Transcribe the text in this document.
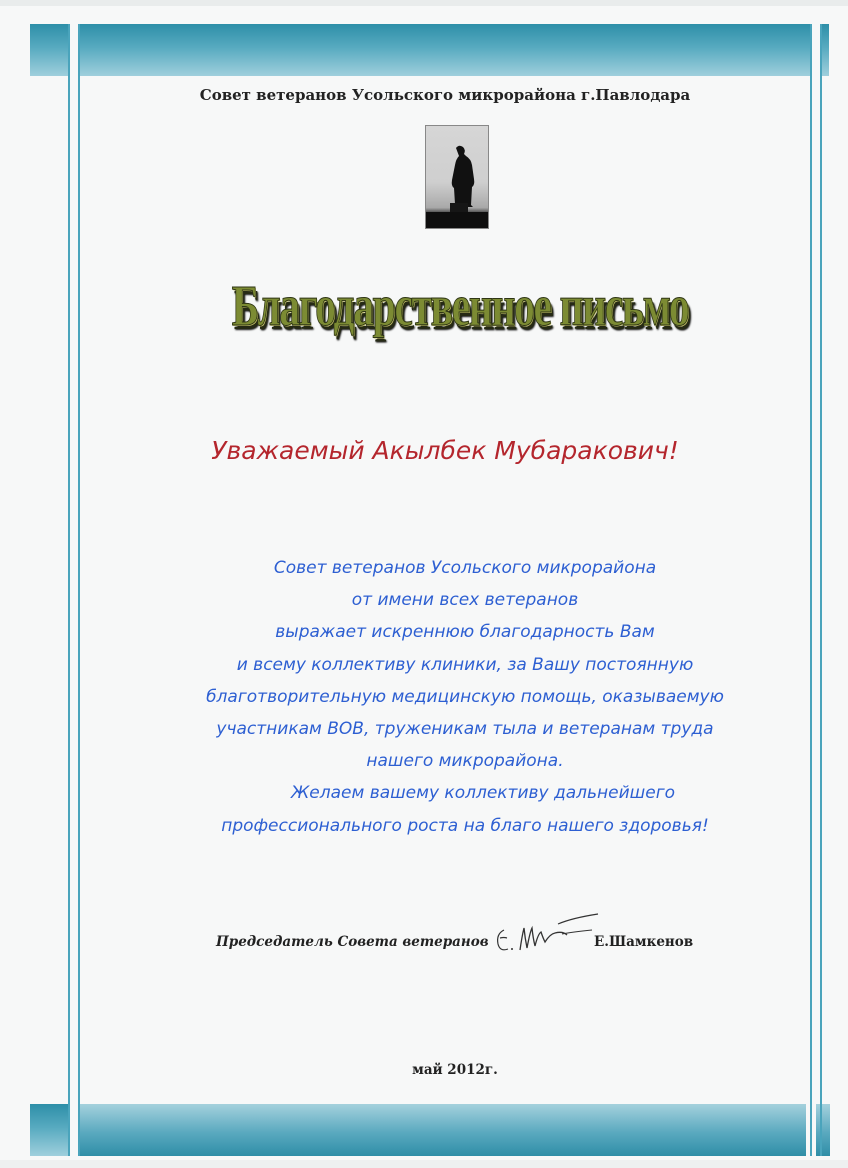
Совет ветеранов Усольского микрорайона г.Павлодара
Благодарственное письмо
Уважаемый Акылбек Мубаракович!
Совет ветеранов Усольского микрорайона
от имени всех ветеранов
выражает искреннюю благодарность Вам
и всему коллективу клиники, за Вашу постоянную
благотворительную медицинскую помощь, оказываемую
участникам ВОВ, труженикам тыла и ветеранам труда
нашего микрорайона.
Желаем вашему коллективу дальнейшего
профессионального роста на благо нашего здоровья!
Председатель Совета ветеранов	Е.Шамкенов
май 2012г.
